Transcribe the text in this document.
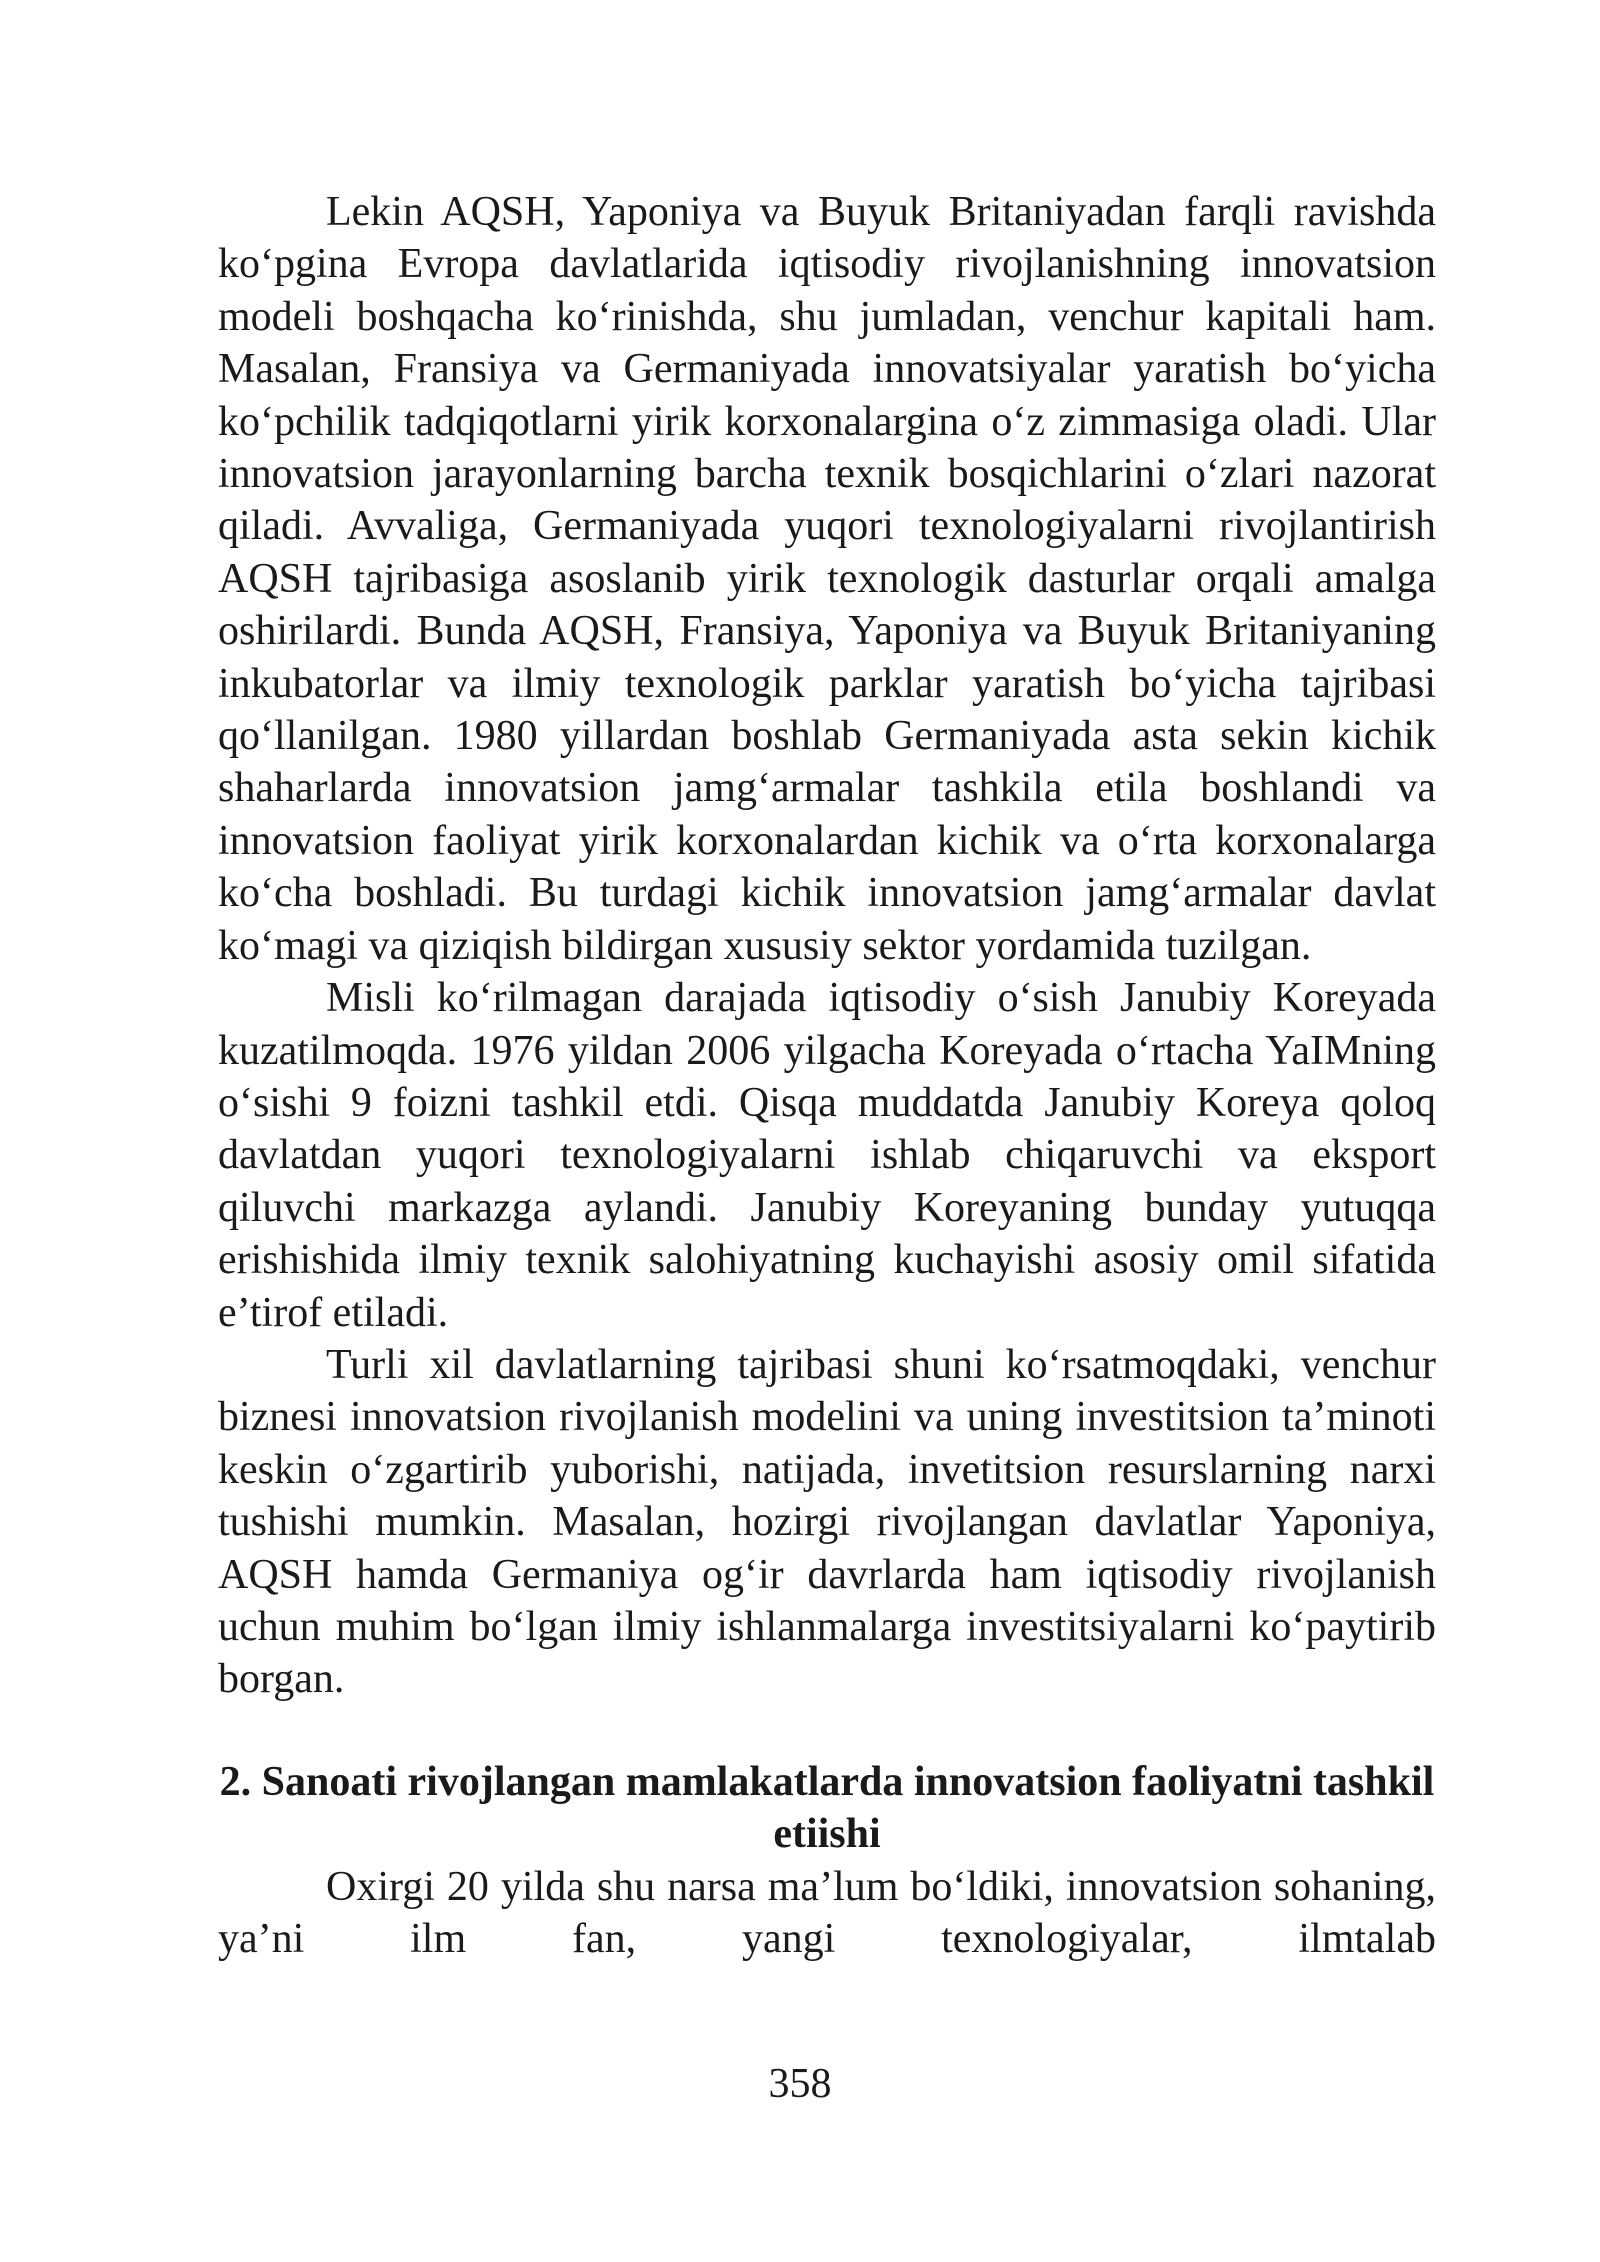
Lekin AQSH, Yaponiya va Buyuk Britaniyadan farqli ravishda ko‘pgina Evropa davlatlarida iqtisodiy rivojlanishning innovatsion modeli boshqacha ko‘rinishda, shu jumladan, venchur kapitali ham. Masalan, Fransiya va Germaniyada innovatsiyalar yaratish bo‘yicha ko‘pchilik tadqiqotlarni yirik korxonalargina o‘z zimmasiga oladi. Ular innovatsion jarayonlarning barcha texnik bosqichlarini o‘zlari nazorat qiladi. Avvaliga, Germaniyada yuqori texnologiyalarni rivojlantirish AQSH tajribasiga asoslanib yirik texnologik dasturlar orqali amalga oshirilardi. Bunda AQSH, Fransiya, Yaponiya va Buyuk Britaniyaning inkubatorlar va ilmiy texnologik parklar yaratish bo‘yicha tajribasi qo‘llanilgan. 1980 yillardan boshlab Germaniyada asta sekin kichik shaharlarda innovatsion jamg‘armalar tashkila etila boshlandi va innovatsion faoliyat yirik korxonalardan kichik va o‘rta korxonalarga ko‘cha boshladi. Bu turdagi kichik innovatsion jamg‘armalar davlat ko‘magi va qiziqish bildirgan xususiy sektor yordamida tuzilgan.

Misli ko‘rilmagan darajada iqtisodiy o‘sish Janubiy Koreyada kuzatilmoqda. 1976 yildan 2006 yilgacha Koreyada o‘rtacha YaIMning o‘sishi 9 foizni tashkil etdi. Qisqa muddatda Janubiy Koreya qoloq davlatdan yuqori texnologiyalarni ishlab chiqaruvchi va eksport qiluvchi markazga aylandi. Janubiy Koreyaning bunday yutuqqa erishishida ilmiy texnik salohiyatning kuchayishi asosiy omil sifatida e’tirof etiladi.

Turli xil davlatlarning tajribasi shuni ko‘rsatmoqdaki, venchur biznesi innovatsion rivojlanish modelini va uning investitsion ta’minoti keskin o‘zgartirib yuborishi, natijada, invetitsion resurslarning narxi tushishi mumkin. Masalan, hozirgi rivojlangan davlatlar Yaponiya, AQSH hamda Germaniya og‘ir davrlarda ham iqtisodiy rivojlanish uchun muhim bo‘lgan ilmiy ishlanmalarga investitsiyalarni ko‘paytirib borgan.

2. Sanoati rivojlangan mamlakatlarda innovatsion faoliyatni tashkil etiishi

Oxirgi 20 yilda shu narsa ma’lum bo‘ldiki, innovatsion sohaning, ya’ni ilm fan, yangi texnologiyalar, ilmtalab

358
